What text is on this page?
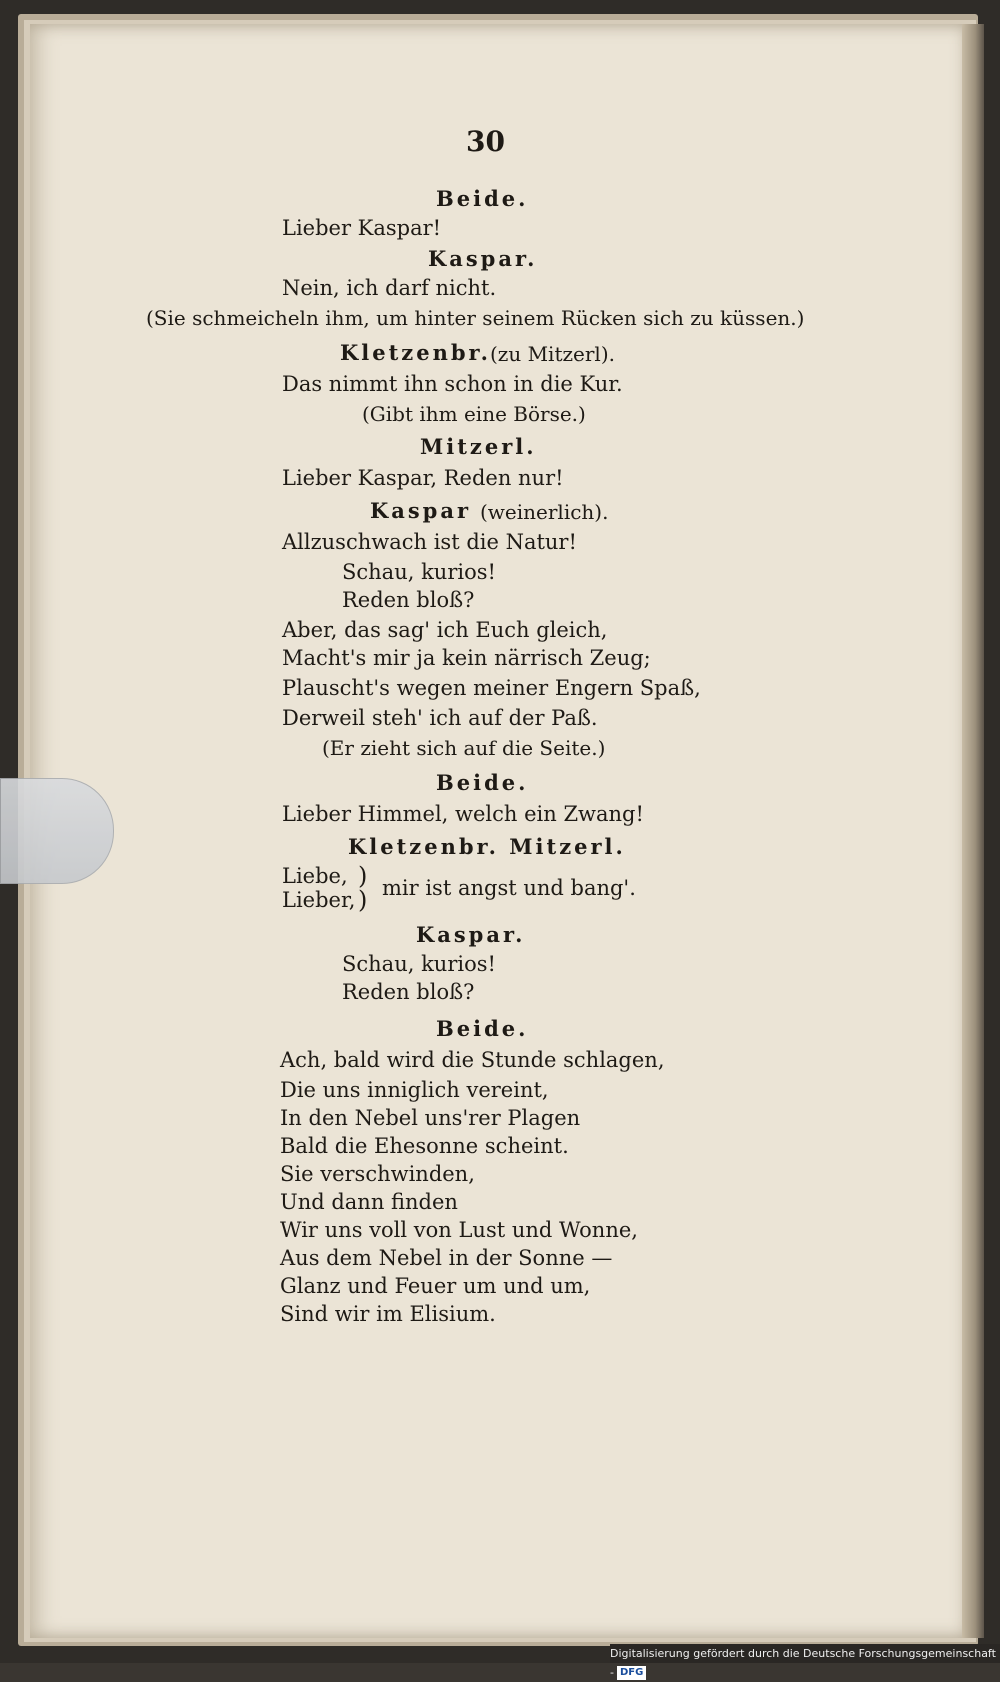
30
Beide.
Lieber Kaspar!
Kaspar.
Nein, ich darf nicht.
(Sie schmeicheln ihm, um hinter seinem Rücken sich zu küssen.)
Kletzenbr. (zu Mitzerl).
Das nimmt ihn schon in die Kur.
(Gibt ihm eine Börse.)
Mitzerl.
Lieber Kaspar, Reden nur!
Kaspar (weinerlich).
Allzuschwach ist die Natur!
Schau, kurios!
Reden bloß?
Aber, das sag' ich Euch gleich,
Macht's mir ja kein närrisch Zeug;
Plauscht's wegen meiner Engern Spaß,
Derweil steh' ich auf der Paß.
(Er zieht sich auf die Seite.)
Beide.
Lieber Himmel, welch ein Zwang!
Kletzenbr. Mitzerl.
Liebe,
Lieber,
)
) mir ist angst und bang'.
Kaspar.
Schau, kurios!
Reden bloß?
Beide.
Ach, bald wird die Stunde schlagen,
Die uns inniglich vereint,
In den Nebel uns'rer Plagen
Bald die Ehesonne scheint.
Sie verschwinden,
Und dann finden
Wir uns voll von Lust und Wonne,
Aus dem Nebel in der Sonne —
Glanz und Feuer um und um,
Sind wir im Elisium.
Digitalisierung gefördert durch die Deutsche Forschungsgemeinschaft - DFG
